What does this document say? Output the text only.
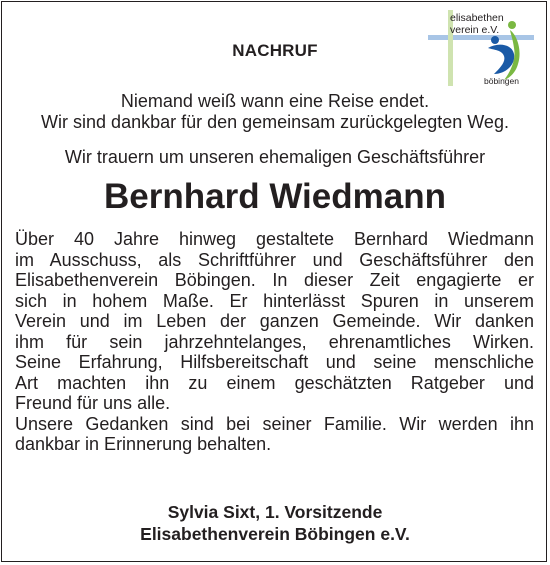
NACHRUF
elisabethen
verein e.V.
böbingen
Niemand weiß wann eine Reise endet.
Wir sind dankbar für den gemeinsam zurückgelegten Weg.
Wir trauern um unseren ehemaligen Geschäftsführer
Bernhard Wiedmann

Über 40 Jahre hinweg gestaltete Bernhard Wiedmann

im Ausschuss, als Schriftführer und Geschäftsführer den

Elisabethenverein Böbingen. In dieser Zeit engagierte er

sich in hohem Maße. Er hinterlässt Spuren in unserem

Verein und im Leben der ganzen Gemeinde. Wir danken

ihm für sein jahrzehntelanges, ehrenamtliches Wirken.

Seine Erfahrung, Hilfsbereitschaft und seine menschliche

Art machten ihn zu einem geschätzten Ratgeber und

Freund für uns alle.

Unsere Gedanken sind bei seiner Familie. Wir werden ihn

dankbar in Erinnerung behalten.

Sylvia Sixt, 1. Vorsitzende
Elisabethenverein Böbingen e.V.
